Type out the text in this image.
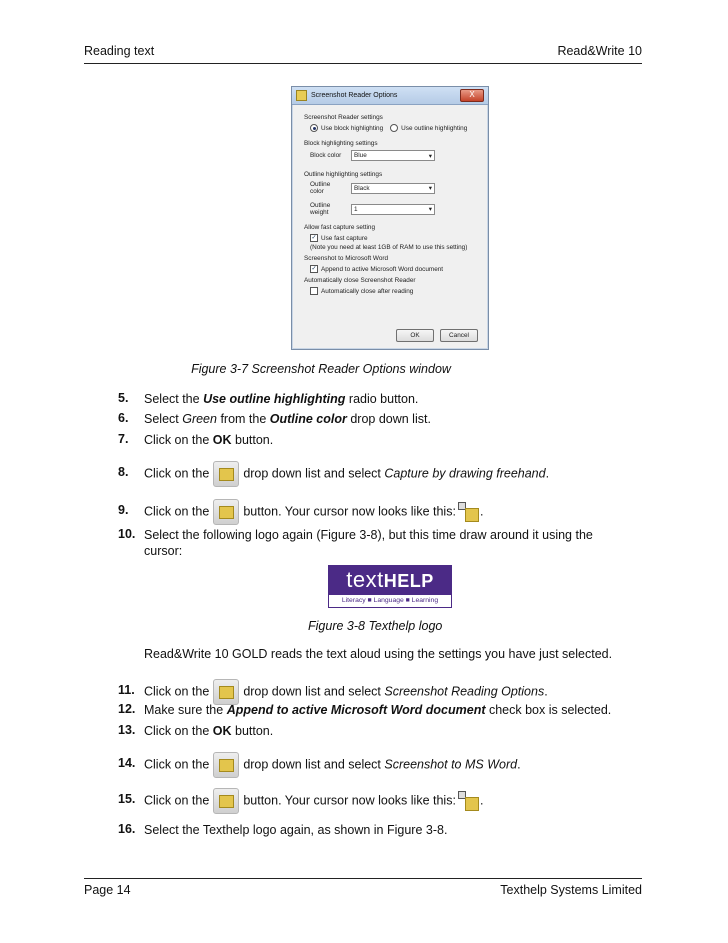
Reading text	Read&Write 10
Screenshot Reader Options	X
Screenshot Reader settings
Use block highlighting	Use outline highlighting
Block highlighting settings
Block color Blue	▾
Outline highlighting settings
Outline color	Black	▾
Outline weight	1	▾
Allow fast capture setting
✓ Use fast capture
(Note you need at least 1GB of RAM to use this setting)
Screenshot to Microsoft Word
✓ Append to active Microsoft Word document
Automatically close Screenshot Reader
Automatically close after reading
OK	Cancel
Figure 3-7 Screenshot Reader Options window
5.	Select the Use outline highlighting radio button.
6.	Select Green from the Outline color drop down list.
7.	Click on the OK button.
8.	Click on the	drop down list and select Capture by drawing freehand.
9.	Click on the	button. Your cursor now looks like this: .
10. Select the following logo again (Figure 3-8), but this time draw around it using the cursor:
textHELP
Literacy ■ Language ■ Learning
Figure 3-8 Texthelp logo
Read&Write 10 GOLD reads the text aloud using the settings you have just selected.
11. Click on the	drop down list and select Screenshot Reading Options.
12. Make sure the Append to active Microsoft Word document check box is selected.
13. Click on the OK button.
14. Click on the	drop down list and select Screenshot to MS Word.
15. Click on the	button. Your cursor now looks like this: .
16. Select the Texthelp logo again, as shown in Figure 3-8.
Page 14	Texthelp Systems Limited
